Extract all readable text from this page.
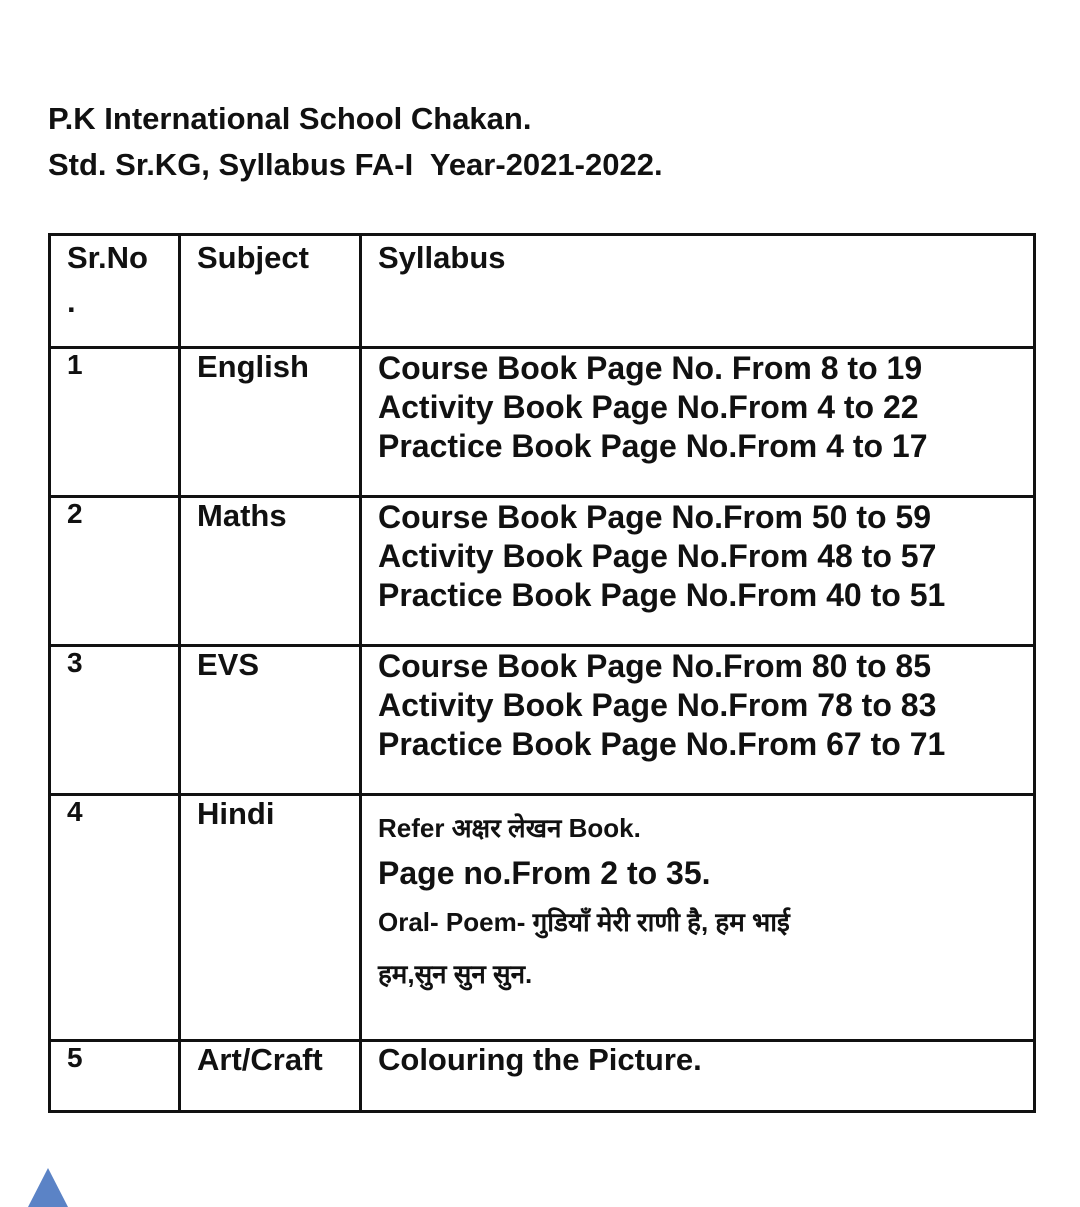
P.K International School Chakan.
Std. Sr.KG, Syllabus FA-I  Year-2021-2022.
Sr.No
.	Subject	Syllabus

1	English	Course Book Page No. From 8 to 19
Activity Book Page No.From 4 to 22
Practice Book Page No.From 4 to 17

2	Maths	Course Book Page No.From 50 to 59
Activity Book Page No.From 48 to 57
Practice Book Page No.From 40 to 51

3	EVS	Course Book Page No.From 80 to 85
Activity Book Page No.From 78 to 83
Practice Book Page No.From 67 to 71

4	Hindi	Refer अक्षर लेखन Book.
Page no.From 2 to 35.
Oral- Poem- गुडियाँ मेरी राणी है, हम भाई
हम,सुन सुन सुन.

5	Art/Craft	Colouring the Picture.
